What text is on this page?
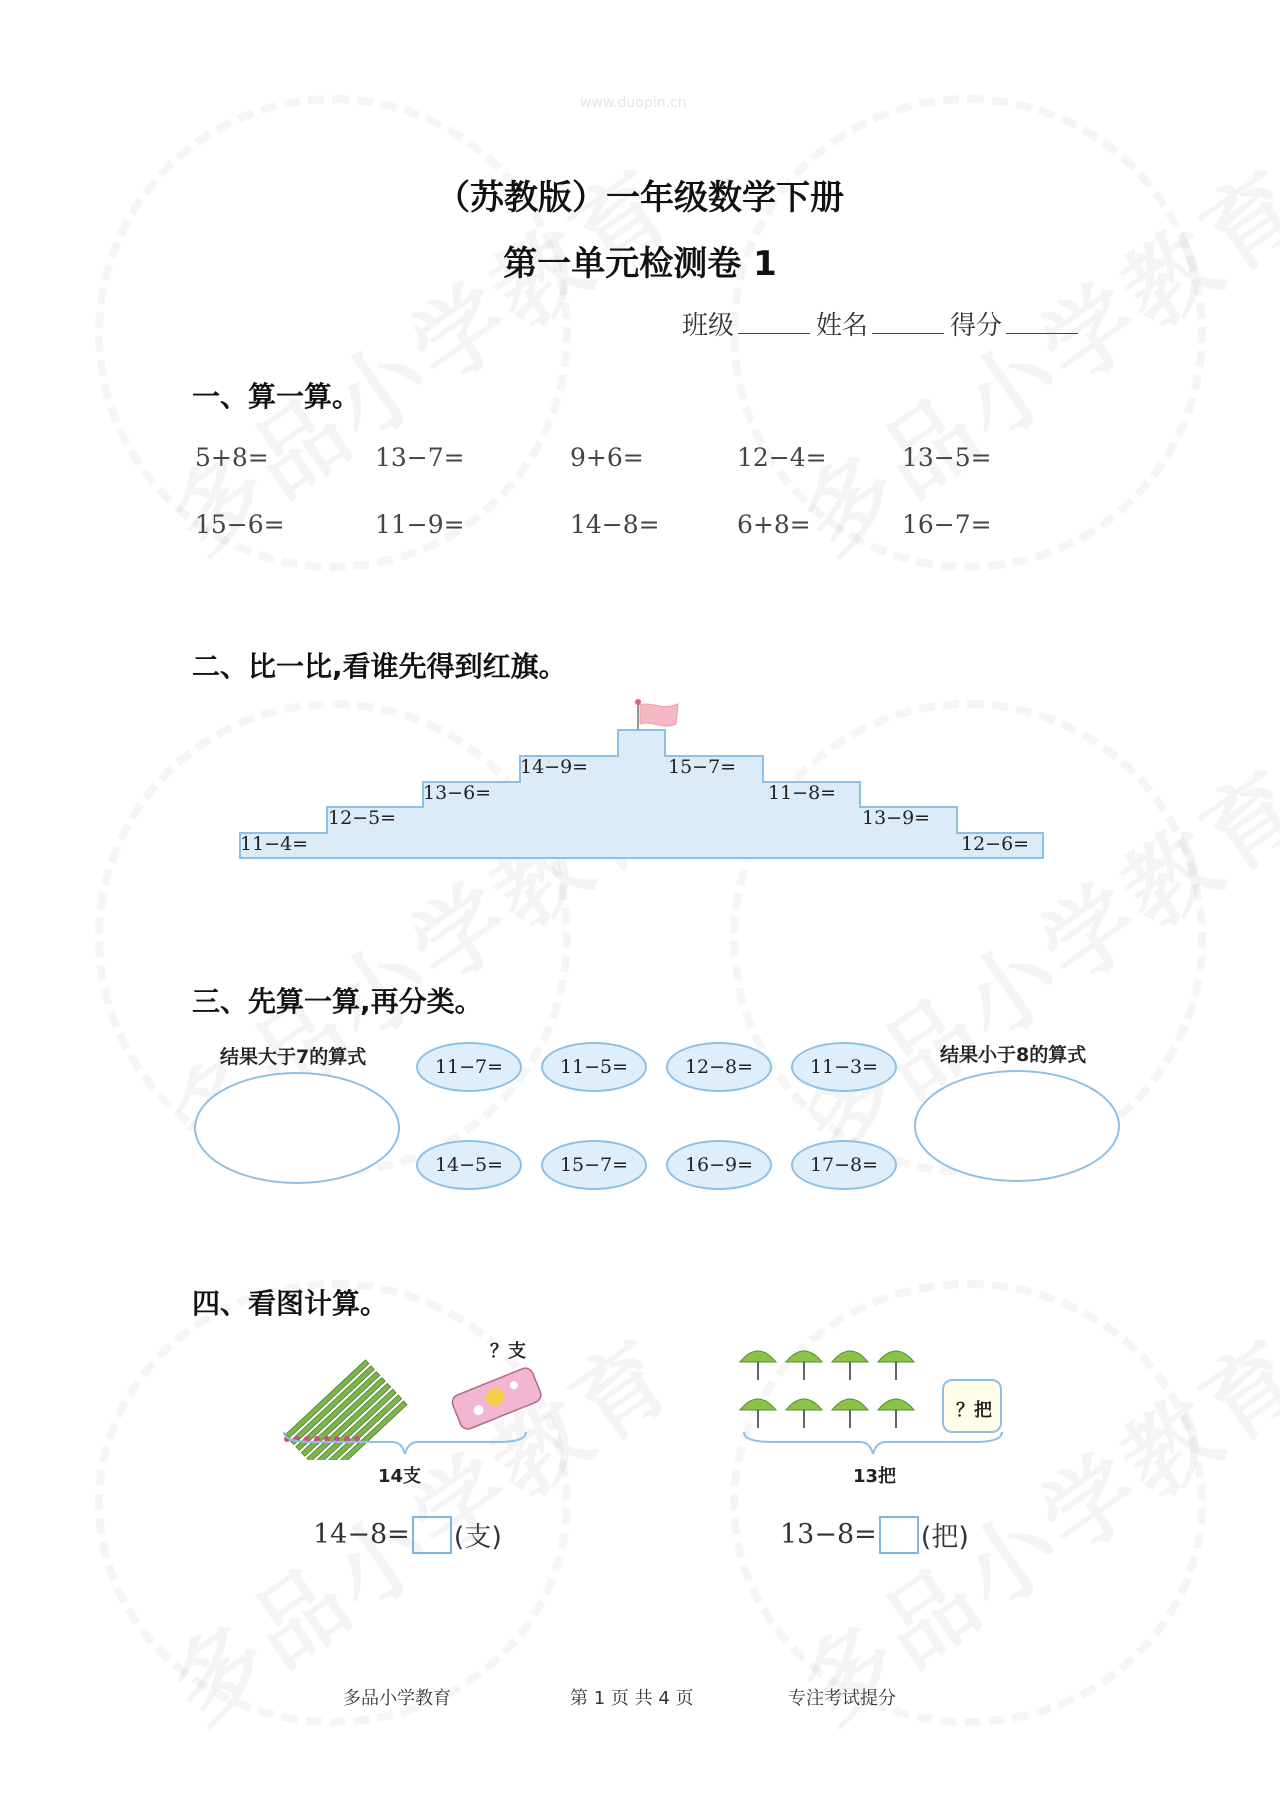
www.duopin.cn
（苏教版）一年级数学下册
第一单元检测卷 1
班级	姓名	得分
一、算一算。
5+8=	13−7=	9+6=	12−4=	13−5=
15−6=	11−9=	14−8=	6+8=	16−7=
二、比一比,看谁先得到红旗。
11−4=
12−5=
13−6=
14−9=	15−7=
11−8=
13−9=
12−6=
三、先算一算,再分类。
结果大于7的算式	结果小于8的算式
11−7=	11−5=	12−8=	11−3=
14−5=	15−7=	16−9=	17−8=
四、看图计算。
？支
14支
14−8= (支)
？把
13把
13−8= (把)
多品小学教育	第 1 页 共 4 页	专注考试提分
